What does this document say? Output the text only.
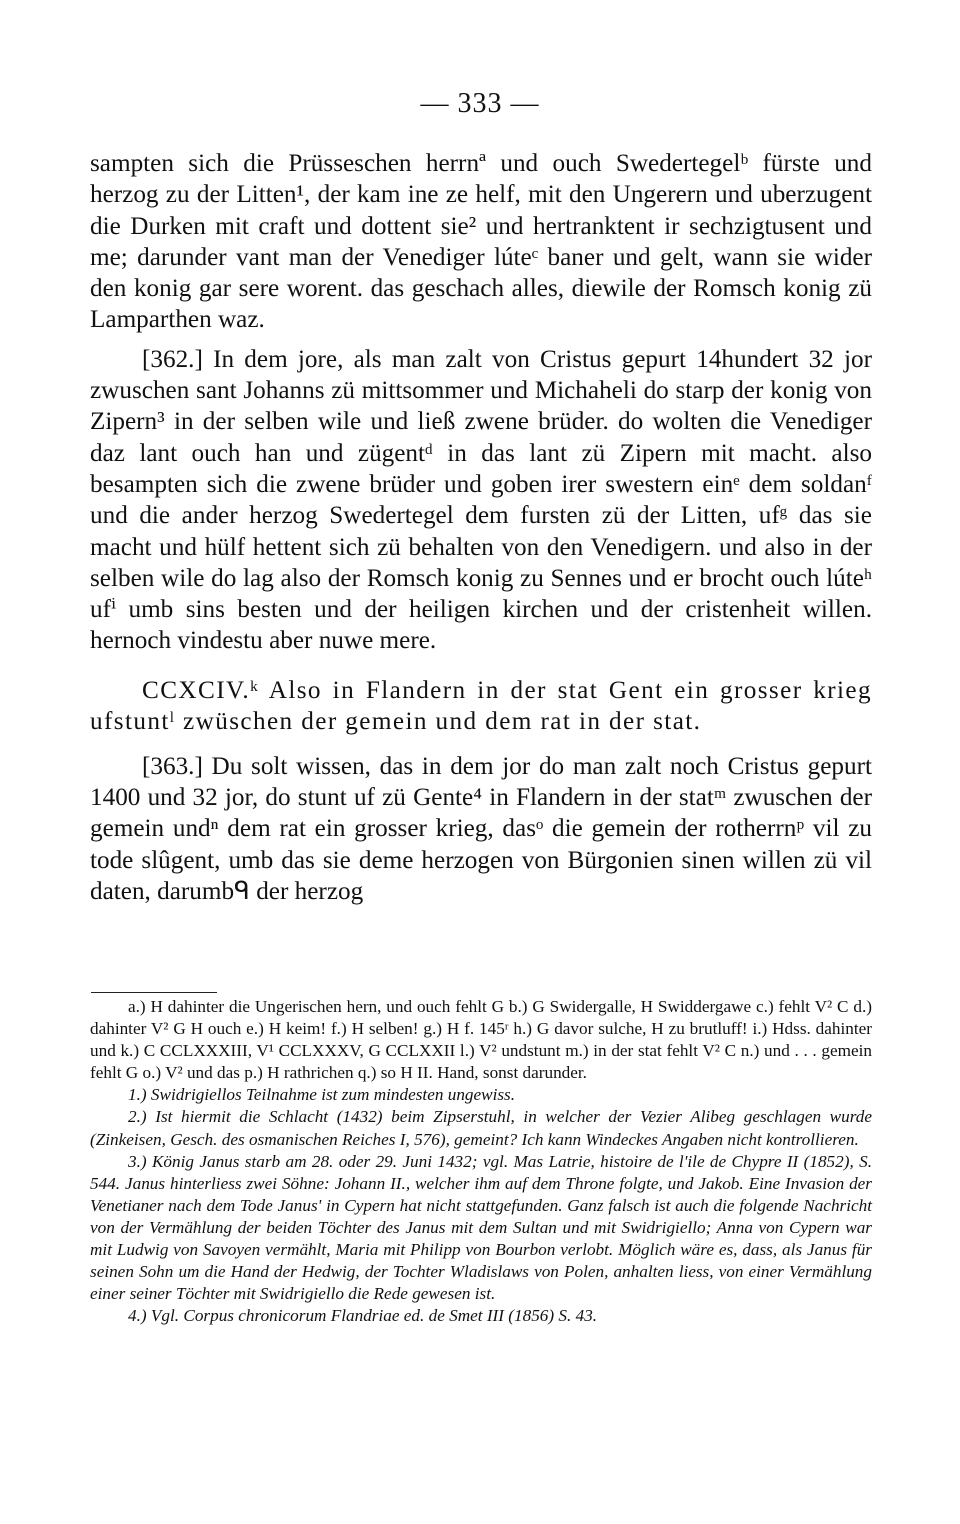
— 333 —

sampten sich die Prüsseschen herrnª und ouch Swedertegelᵇ fürste und herzog zu der Litten¹, der kam ine ze helf, mit den Ungerern und uberzugent die Durken mit craft und dottent sie² und hertranktent ir sechzigtusent und me; darunder vant man der Venediger lúteᶜ baner und gelt, wann sie wider den konig gar sere worent. das geschach alles, diewile der Romsch konig zü Lamparthen waz.

[362.] In dem jore, als man zalt von Cristus gepurt 14hundert 32 jor zwuschen sant Johanns zü mittsommer und Michaheli do starp der konig von Zipern³ in der selben wile und ließ zwene brüder. do wolten die Venediger daz lant ouch han und zügentᵈ in das lant zü Zipern mit macht. also besampten sich die zwene brüder und goben irer swestern einᵉ dem soldanᶠ und die ander herzog Swedertegel dem fursten zü der Litten, ufᵍ das sie macht und hülf hettent sich zü behalten von den Venedigern. und also in der selben wile do lag also der Romsch konig zu Sennes und er brocht ouch lúteʰ ufⁱ umb sins besten und der heiligen kirchen und der cristenheit willen. hernoch vindestu aber nuwe mere.

CCXCIV.ᵏ Also in Flandern in der stat Gent ein grosser krieg ufstuntˡ zwüschen der gemein und dem rat in der stat.

[363.] Du solt wissen, das in dem jor do man zalt noch Cristus gepurt 1400 und 32 jor, do stunt uf zü Gente⁴ in Flandern in der statᵐ zwuschen der gemein undⁿ dem rat ein grosser krieg, dasᵒ die gemein der rotherrnᵖ vil zu tode slûgent, umb das sie deme herzogen von Bürgonien sinen willen zü vil daten, darumbᑫ der herzog

a.) H dahinter die Ungerischen hern, und ouch fehlt G b.) G Swidergalle, H Swiddergawe c.) fehlt V² C d.) dahinter V² G H ouch e.) H keim! f.) H selben! g.) H f. 145ʳ h.) G davor sulche, H zu brutluff! i.) Hdss. dahinter und k.) C CCLXXXIII, V¹ CCLXXXV, G CCLXXII l.) V² undstunt m.) in der stat fehlt V² C n.) und . . . gemein fehlt G o.) V² und das p.) H rathrichen q.) so H II. Hand, sonst darunder.

1.) Swidrigiellos Teilnahme ist zum mindesten ungewiss.

2.) Ist hiermit die Schlacht (1432) beim Zipserstuhl, in welcher der Vezier Alibeg geschlagen wurde (Zinkeisen, Gesch. des osmanischen Reiches I, 576), gemeint? Ich kann Windeckes Angaben nicht kontrollieren.

3.) König Janus starb am 28. oder 29. Juni 1432; vgl. Mas Latrie, histoire de l'ile de Chypre II (1852), S. 544. Janus hinterliess zwei Söhne: Johann II., welcher ihm auf dem Throne folgte, und Jakob. Eine Invasion der Venetianer nach dem Tode Janus' in Cypern hat nicht stattgefunden. Ganz falsch ist auch die folgende Nachricht von der Vermählung der beiden Töchter des Janus mit dem Sultan und mit Swidrigiello; Anna von Cypern war mit Ludwig von Savoyen vermählt, Maria mit Philipp von Bourbon verlobt. Möglich wäre es, dass, als Janus für seinen Sohn um die Hand der Hedwig, der Tochter Wladislaws von Polen, anhalten liess, von einer Vermählung einer seiner Töchter mit Swidrigiello die Rede gewesen ist.

4.) Vgl. Corpus chronicorum Flandriae ed. de Smet III (1856) S. 43.
